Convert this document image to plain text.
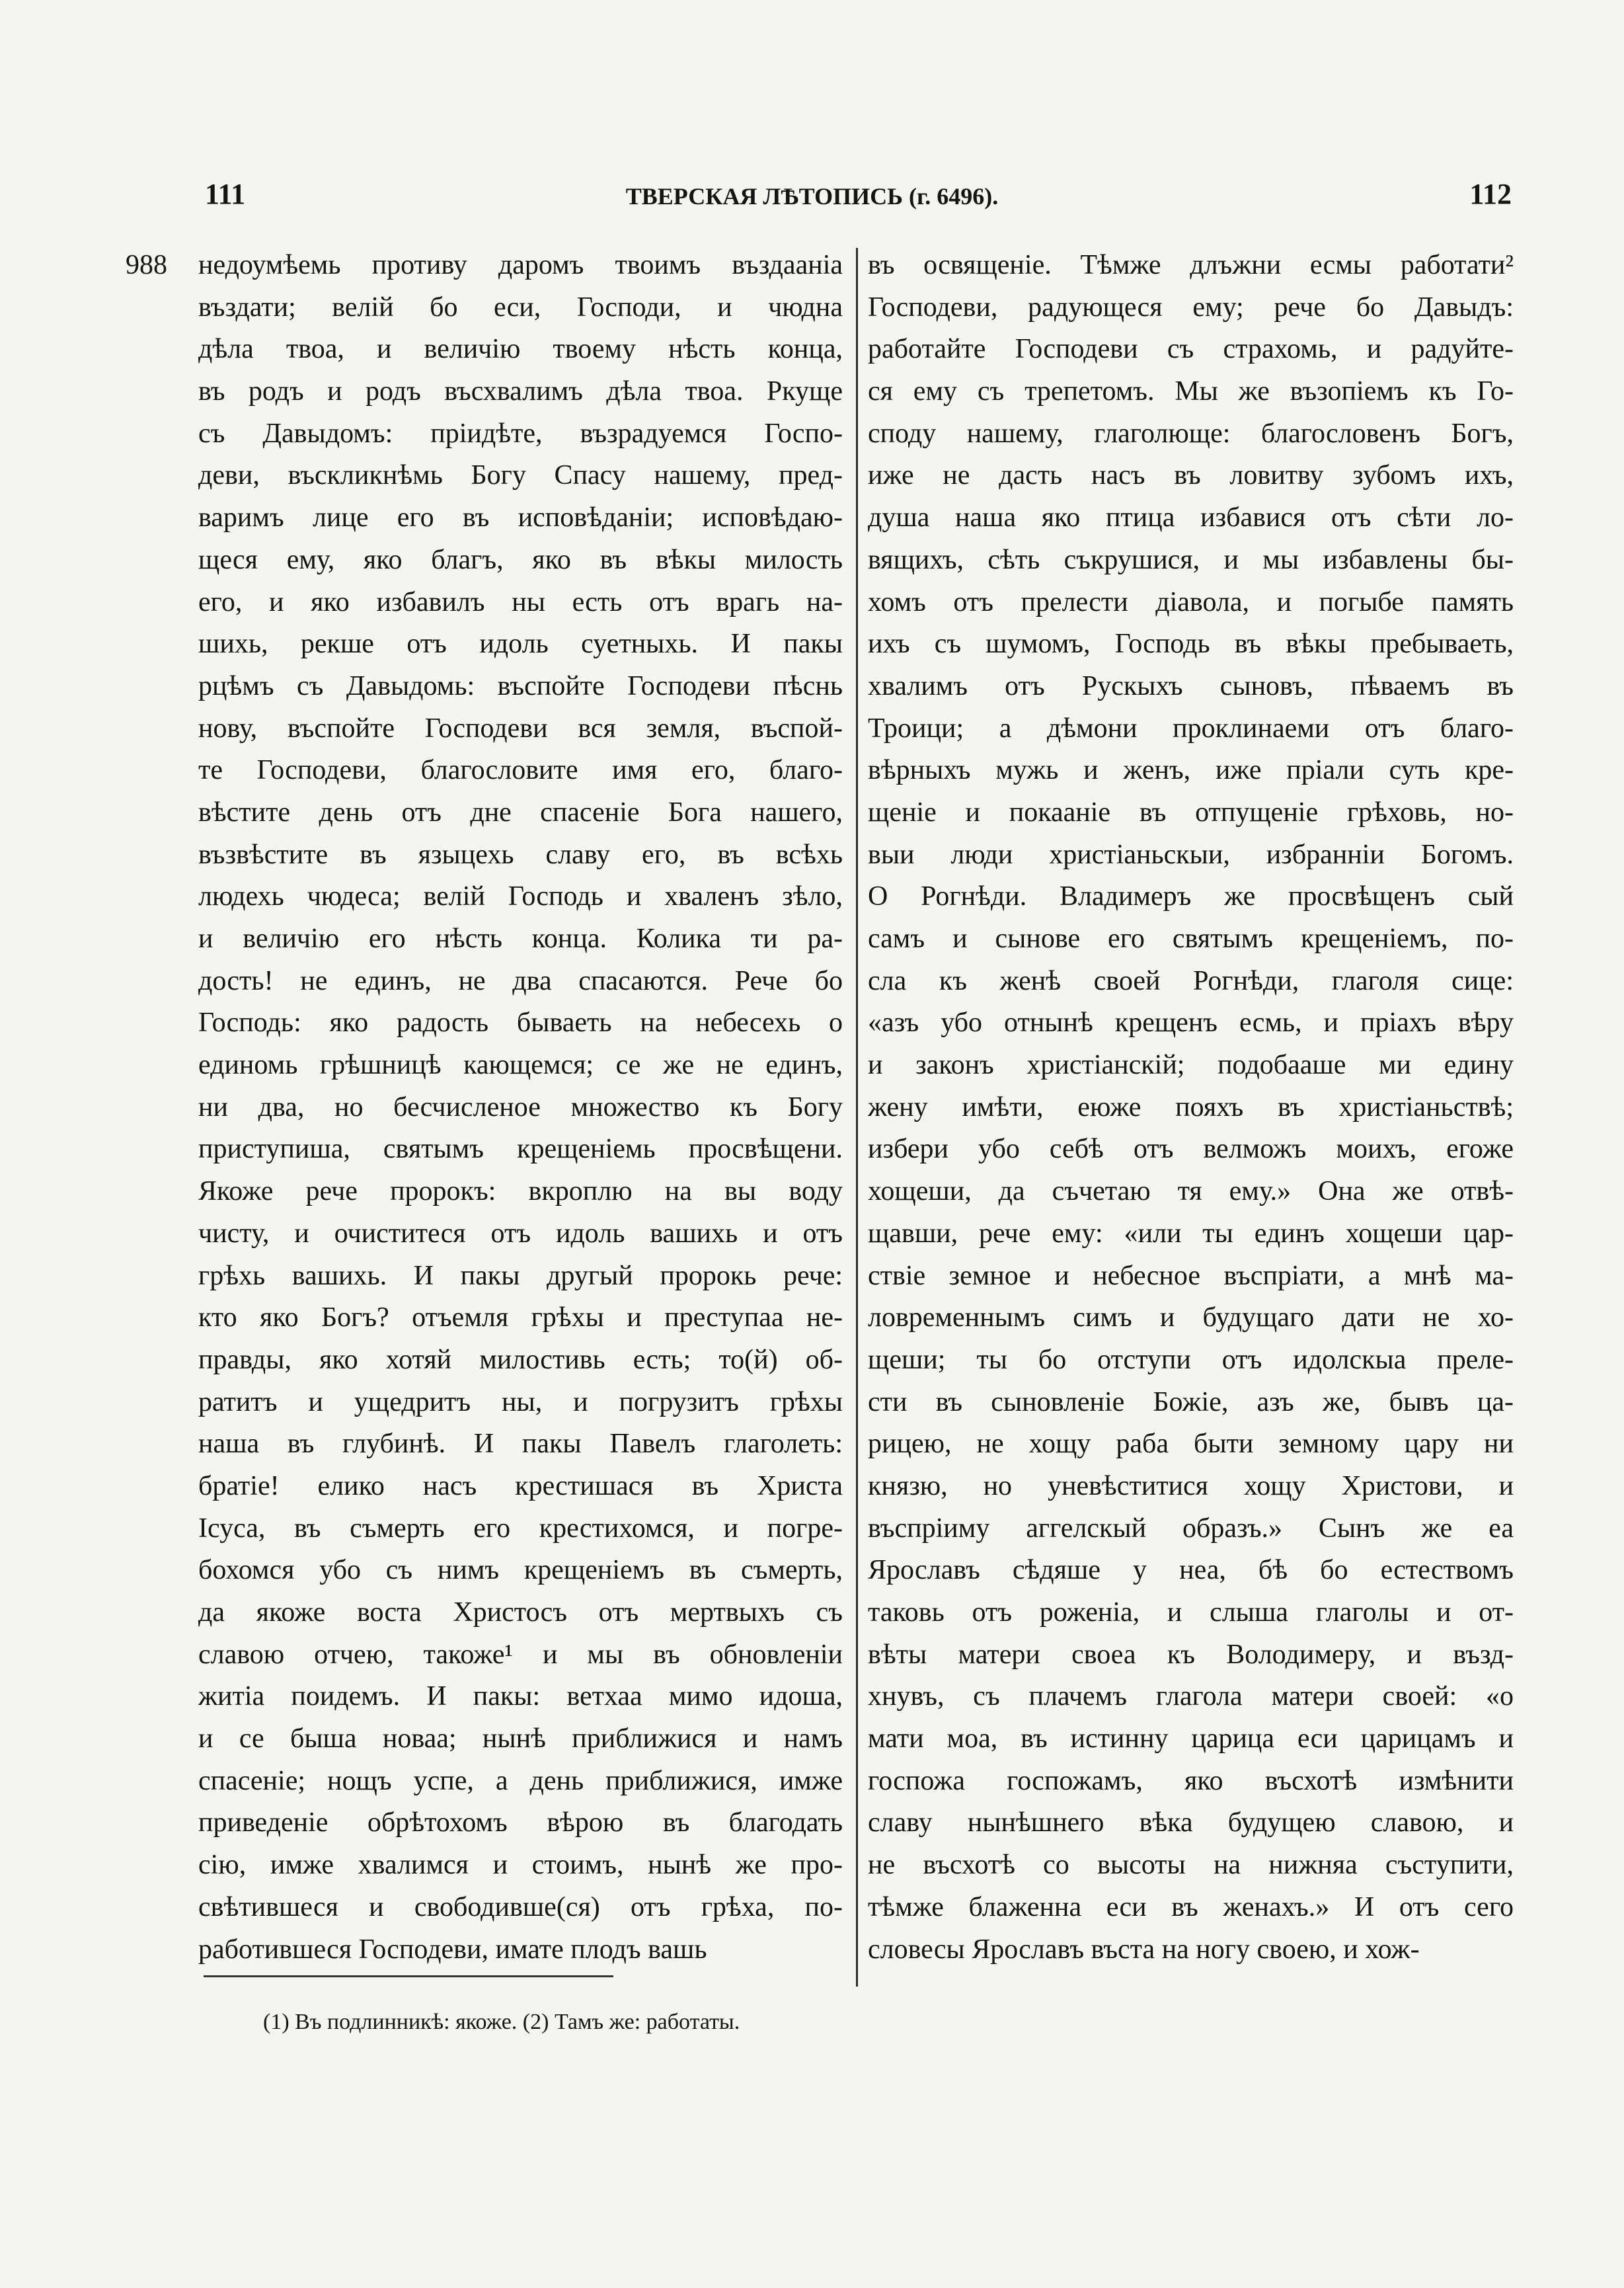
111	ТВЕРСКАЯ ЛѢТОПИСЬ (г. 6496).	112
988 недоумѣемь противу даромъ твоимъ въздааніа
въздати; велій бо еси, Господи, и чюдна
дѣла твоа, и величію твоему нѣсть конца,
въ родъ и родъ въсхвалимъ дѣла твоа. Ркуще
съ Давыдомъ: пріидѣте, възрадуемся Госпо-
деви, въскликнѣмь Богу Спасу нашему, пред-
варимъ лице его въ исповѣданіи; исповѣдаю-
щеся ему, яко благъ, яко въ вѣкы милость
его, и яко избавилъ ны есть отъ врагь на-
шихь, рекше отъ идоль суетныхь. И пакы
рцѣмъ съ Давыдомь: въспойте Господеви пѣснь
нову, въспойте Господеви вся земля, въспой-
те Господеви, благословите имя его, благо-
вѣстите день отъ дне спасеніе Бога нашего,
възвѣстите въ языцехь славу его, въ всѣхь
людехь чюдеса; велій Господь и хваленъ зѣло,
и величію его нѣсть конца. Колика ти ра-
дость! не единъ, не два спасаются. Рече бо
Господь: яко радость бываеть на небесехь о
единомь грѣшницѣ кающемся; се же не единъ,
ни два, но бесчисленое множество къ Богу
приступиша, святымъ крещеніемь просвѣщени.
Якоже рече пророкъ: вкроплю на вы воду
чисту, и очиститеся отъ идоль вашихь и отъ
грѣхь вашихь. И пакы другый пророкь рече:
кто яко Богъ? отъемля грѣхы и преступаа не-
правды, яко хотяй милостивь есть; то(й) об-
ратитъ и ущедритъ ны, и погрузитъ грѣхы
наша въ глубинѣ. И пакы Павелъ глаголеть:
братіе! елико насъ крестишася въ Христа
Ісуса, въ съмерть его крестихомся, и погре-
бохомся убо съ нимъ крещеніемъ въ съмерть,
да якоже воста Христосъ отъ мертвыхъ съ
славою отчею, такоже¹ и мы въ обновленіи
житіа поидемъ. И пакы: ветхаа мимо идоша,
и се быша новаа; нынѣ приближися и намъ
спасеніе; нощъ успе, а день приближися, имже
приведеніе обрѣтохомъ вѣрою въ благодать
сію, имже хвалимся и стоимъ, нынѣ же про-
свѣтившеся и свободивше(ся) отъ грѣха, по-
работившеся Господеви, имате плодъ вашь
въ освященіе. Тѣмже длъжни есмы работати²
Господеви, радующеся ему; рече бо Давыдъ:
работайте Господеви съ страхомь, и радуйте-
ся ему съ трепетомъ. Мы же възопіемъ къ Го-
споду нашему, глаголюще: благословенъ Богъ,
иже не дасть насъ въ ловитву зубомъ ихъ,
душа наша яко птица избавися отъ сѣти ло-
вящихъ, сѣть съкрушися, и мы избавлены бы-
хомъ отъ прелести діавола, и погыбе память
ихъ съ шумомъ, Господь въ вѣкы пребываеть,
хвалимъ отъ Рускыхъ сыновъ, пѣваемъ въ
Троици; а дѣмони проклинаеми отъ благо-
вѣрныхъ мужь и женъ, иже пріали суть кре-
щеніе и покааніе въ отпущеніе грѣховь, но-
выи люди христіаньскыи, избранніи Богомъ.
О Рогнѣди. Владимеръ же просвѣщенъ сый
самъ и сынове его святымъ крещеніемъ, по-
сла къ женѣ своей Рогнѣди, глаголя сице:
«азъ убо отнынѣ крещенъ есмь, и пріахъ вѣру
и законъ христіанскій; подобааше ми едину
жену имѣти, еюже пояхъ въ христіаньствѣ;
избери убо себѣ отъ велможъ моихъ, егоже
хощеши, да съчетаю тя ему.» Она же отвѣ-
щавши, рече ему: «или ты единъ хощеши цар-
ствіе земное и небесное въспріати, а мнѣ ма-
ловременнымъ симъ и будущаго дати не хо-
щеши; ты бо отступи отъ идолскыа преле-
сти въ сыновленіе Божіе, азъ же, бывъ ца-
рицею, не хощу раба быти земному цару ни
князю, но уневѣститися хощу Христови, и
въспріиму аггелскый образъ.» Сынъ же еа
Ярославъ сѣдяше у неа, бѣ бо естествомъ
таковь отъ роженіа, и слыша глаголы и от-
вѣты матери своеа къ Володимеру, и възд-
хнувъ, съ плачемъ глагола матери своей: «о
мати моа, въ истинну царица еси царицамъ и
госпожа госпожамъ, яко въсхотѣ измѣнити
славу нынѣшнего вѣка будущею славою, и
не въсхотѣ со высоты на нижняа съступити,
тѣмже блаженна еси въ женахъ.» И отъ сего
словесы Ярославъ въста на ногу своею, и хож-
(1) Въ подлинникѣ: якоже. (2) Тамъ же: работаты.
